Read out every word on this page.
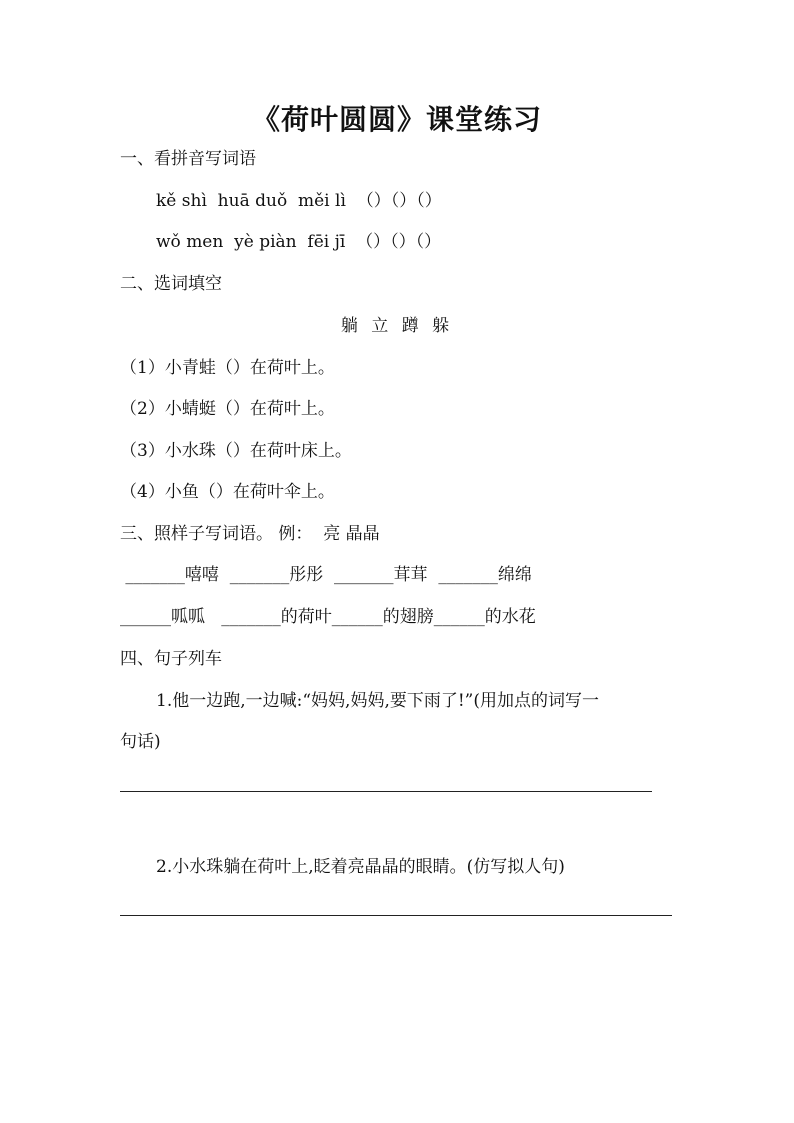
《荷叶圆圆》课堂练习
一、看拼音写词语
kě shì  huā duǒ  měi lì  （）（）（）
wǒ men  yè piàn  fēi jī  （）（）（）
二、选词填空
躺 立 蹲 躲
（1）小青蛙（）在荷叶上。
（2）小蜻蜓（）在荷叶上。
（3）小水珠（）在荷叶床上。
（4）小鱼（）在荷叶伞上。
三、照样子写词语。 例：  亮 晶晶
_______嘻嘻  _______彤彤  _______茸茸  _______绵绵
______呱呱   _______的荷叶______的翅膀______的水花
四、句子列车
1.他一边跑,一边喊:“妈妈,妈妈,要下雨了!”(用加点的词写一
句话)
2.小水珠躺在荷叶上,眨着亮晶晶的眼睛。(仿写拟人句)
